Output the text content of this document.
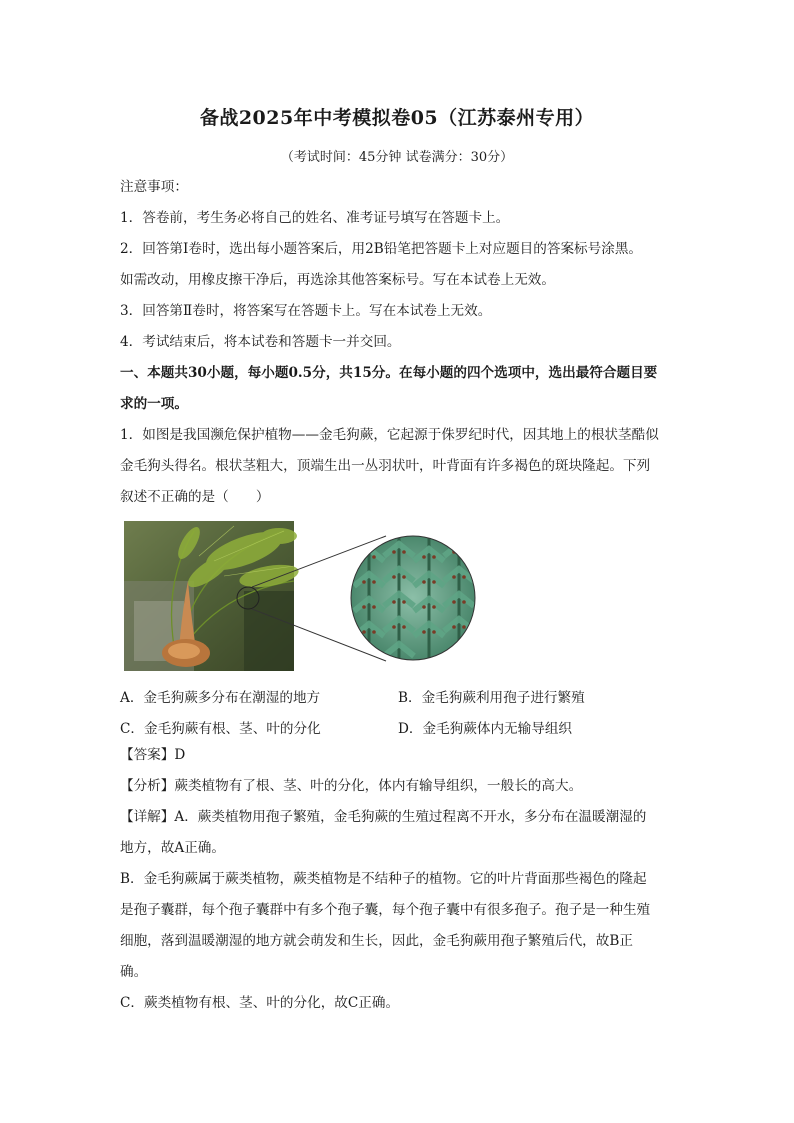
备战2025年中考模拟卷05（江苏泰州专用）
（考试时间：45分钟 试卷满分：30分）
注意事项：
1．答卷前，考生务必将自己的姓名、准考证号填写在答题卡上。
2．回答第Ⅰ卷时，选出每小题答案后，用2B铅笔把答题卡上对应题目的答案标号涂黑。
如需改动，用橡皮擦干净后，再选涂其他答案标号。写在本试卷上无效。
3．回答第Ⅱ卷时，将答案写在答题卡上。写在本试卷上无效。
4．考试结束后，将本试卷和答题卡一并交回。
一、本题共30小题，每小题0.5分，共15分。在每小题的四个选项中，选出最符合题目要
求的一项。
1．如图是我国濒危保护植物——金毛狗蕨，它起源于侏罗纪时代，因其地上的根状茎酷似
金毛狗头得名。根状茎粗大，顶端生出一丛羽状叶，叶背面有许多褐色的斑块隆起。下列
叙述不正确的是（　　）
A．金毛狗蕨多分布在潮湿的地方	B．金毛狗蕨利用孢子进行繁殖
C．金毛狗蕨有根、茎、叶的分化	D．金毛狗蕨体内无输导组织
【答案】D
【分析】蕨类植物有了根、茎、叶的分化，体内有输导组织，一般长的高大。
【详解】A．蕨类植物用孢子繁殖，金毛狗蕨的生殖过程离不开水，多分布在温暖潮湿的
地方，故A正确。
B．金毛狗蕨属于蕨类植物，蕨类植物是不结种子的植物。它的叶片背面那些褐色的隆起
是孢子囊群，每个孢子囊群中有多个孢子囊，每个孢子囊中有很多孢子。孢子是一种生殖
细胞，落到温暖潮湿的地方就会萌发和生长，因此，金毛狗蕨用孢子繁殖后代，故B正
确。
C．蕨类植物有根、茎、叶的分化，故C正确。
